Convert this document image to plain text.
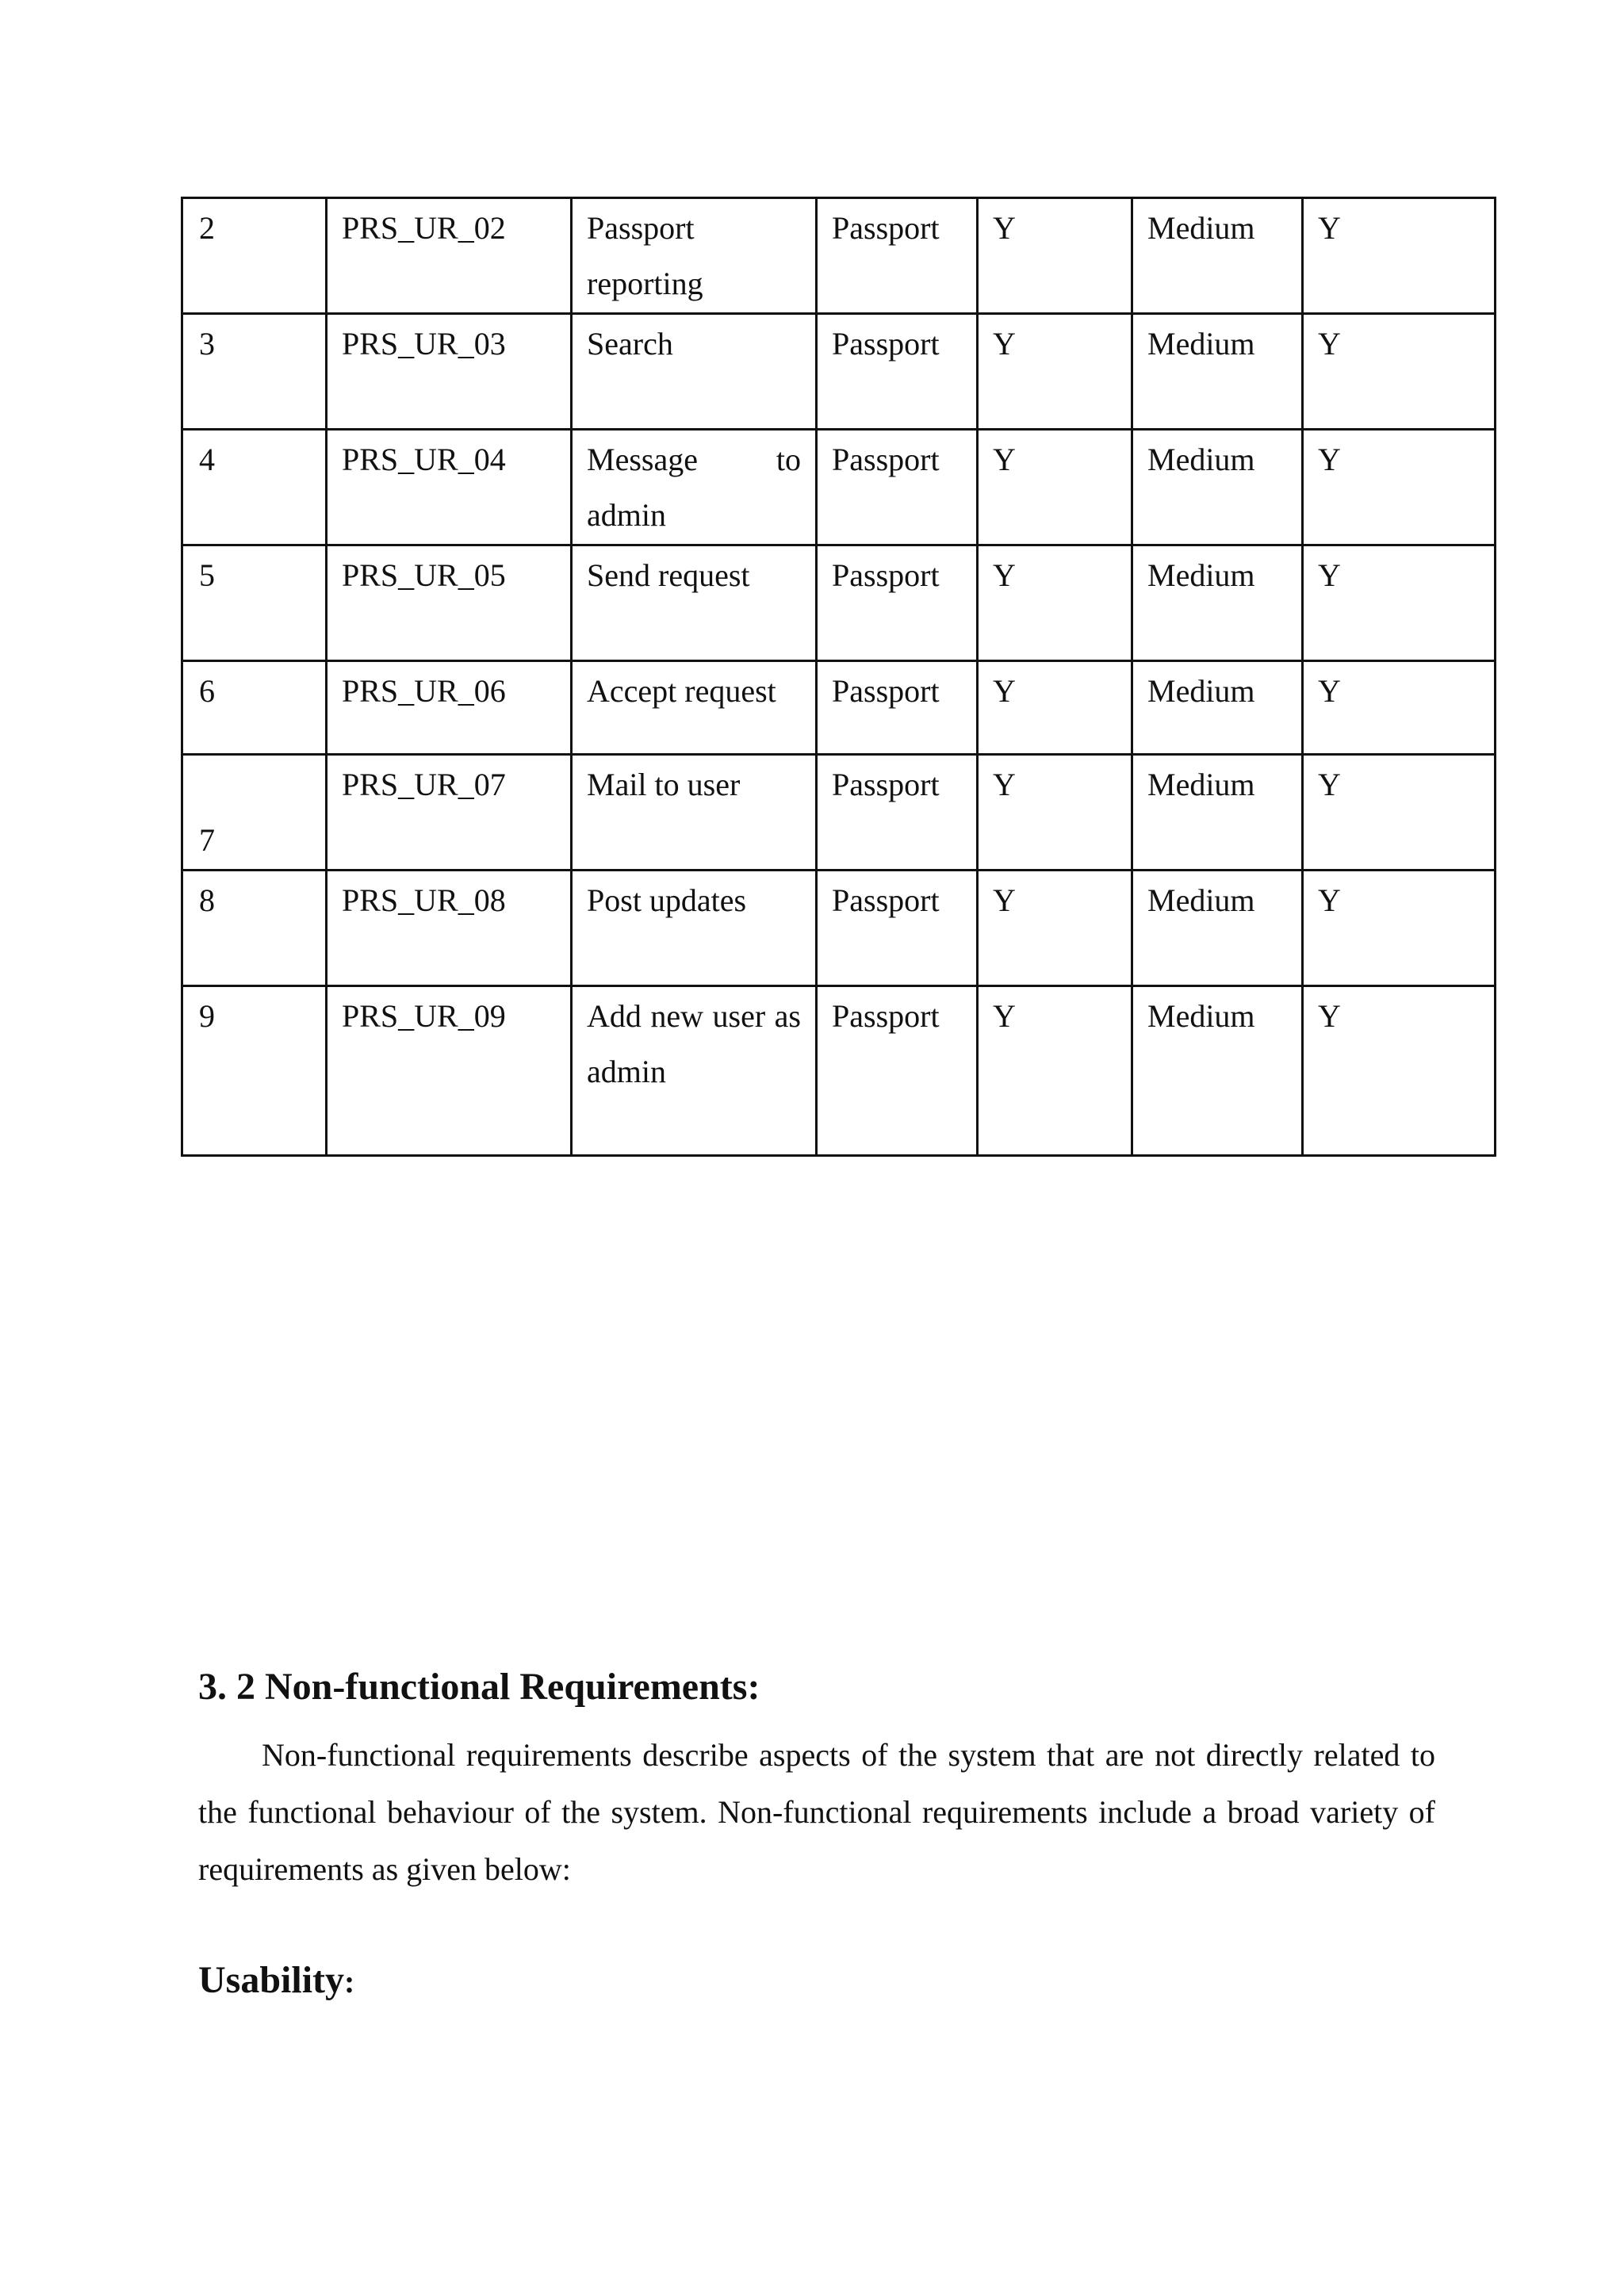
2	PRS_UR_02	Passport reporting	Passport	Y	Medium	Y

3	PRS_UR_03	Search	Passport	Y	Medium	Y

4	PRS_UR_04	Message to admin	Passport	Y	Medium	Y

5	PRS_UR_05	Send request	Passport	Y	Medium	Y

6	PRS_UR_06	Accept request	Passport	Y	Medium	Y

7	PRS_UR_07	Mail to user	Passport	Y	Medium	Y

8	PRS_UR_08	Post updates	Passport	Y	Medium	Y

9	PRS_UR_09	Add new user as admin	Passport	Y	Medium	Y
3. 2 Non-functional Requirements:

Non-functional requirements describe aspects of the system that are not directly related to the functional behaviour of the system. Non-functional requirements include a broad variety of requirements as given below:

Usability:
